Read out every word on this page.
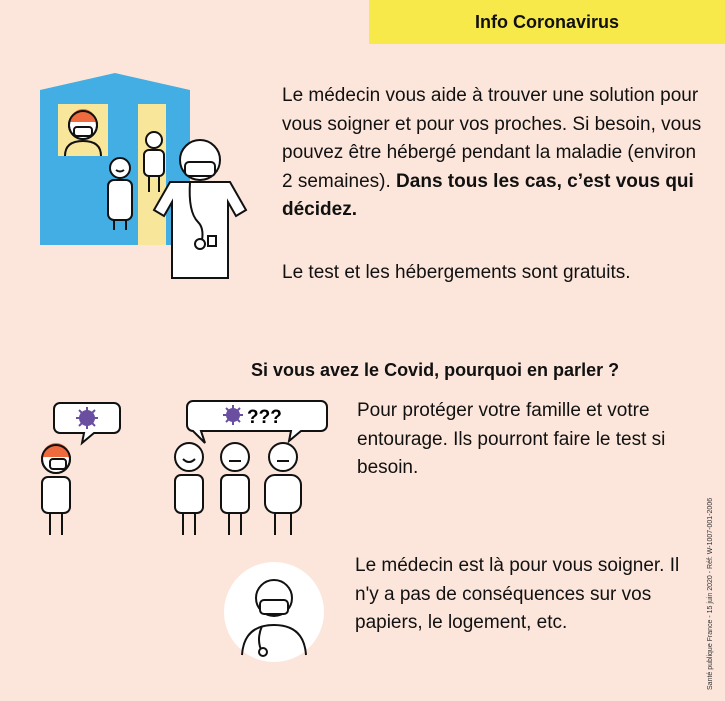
Info Coronavirus

Le médecin vous aide à trouver une solution pour vous soigner et pour vos proches. Si besoin, vous pouvez être hébergé pendant la maladie (environ 2 semaines). Dans tous les cas, c’est vous qui décidez.

Le test et les hébergements sont gratuits.

Si vous avez le Covid, pourquoi en parler ?
???	Pour protéger votre famille et votre entourage. Ils pourront faire le test si besoin.

Le médecin est là pour vous soigner. Il n'y a pas de conséquences sur vos papiers, le logement, etc.	Santé publique France - 15 juin 2020 - Réf: W-1007-001-2006
